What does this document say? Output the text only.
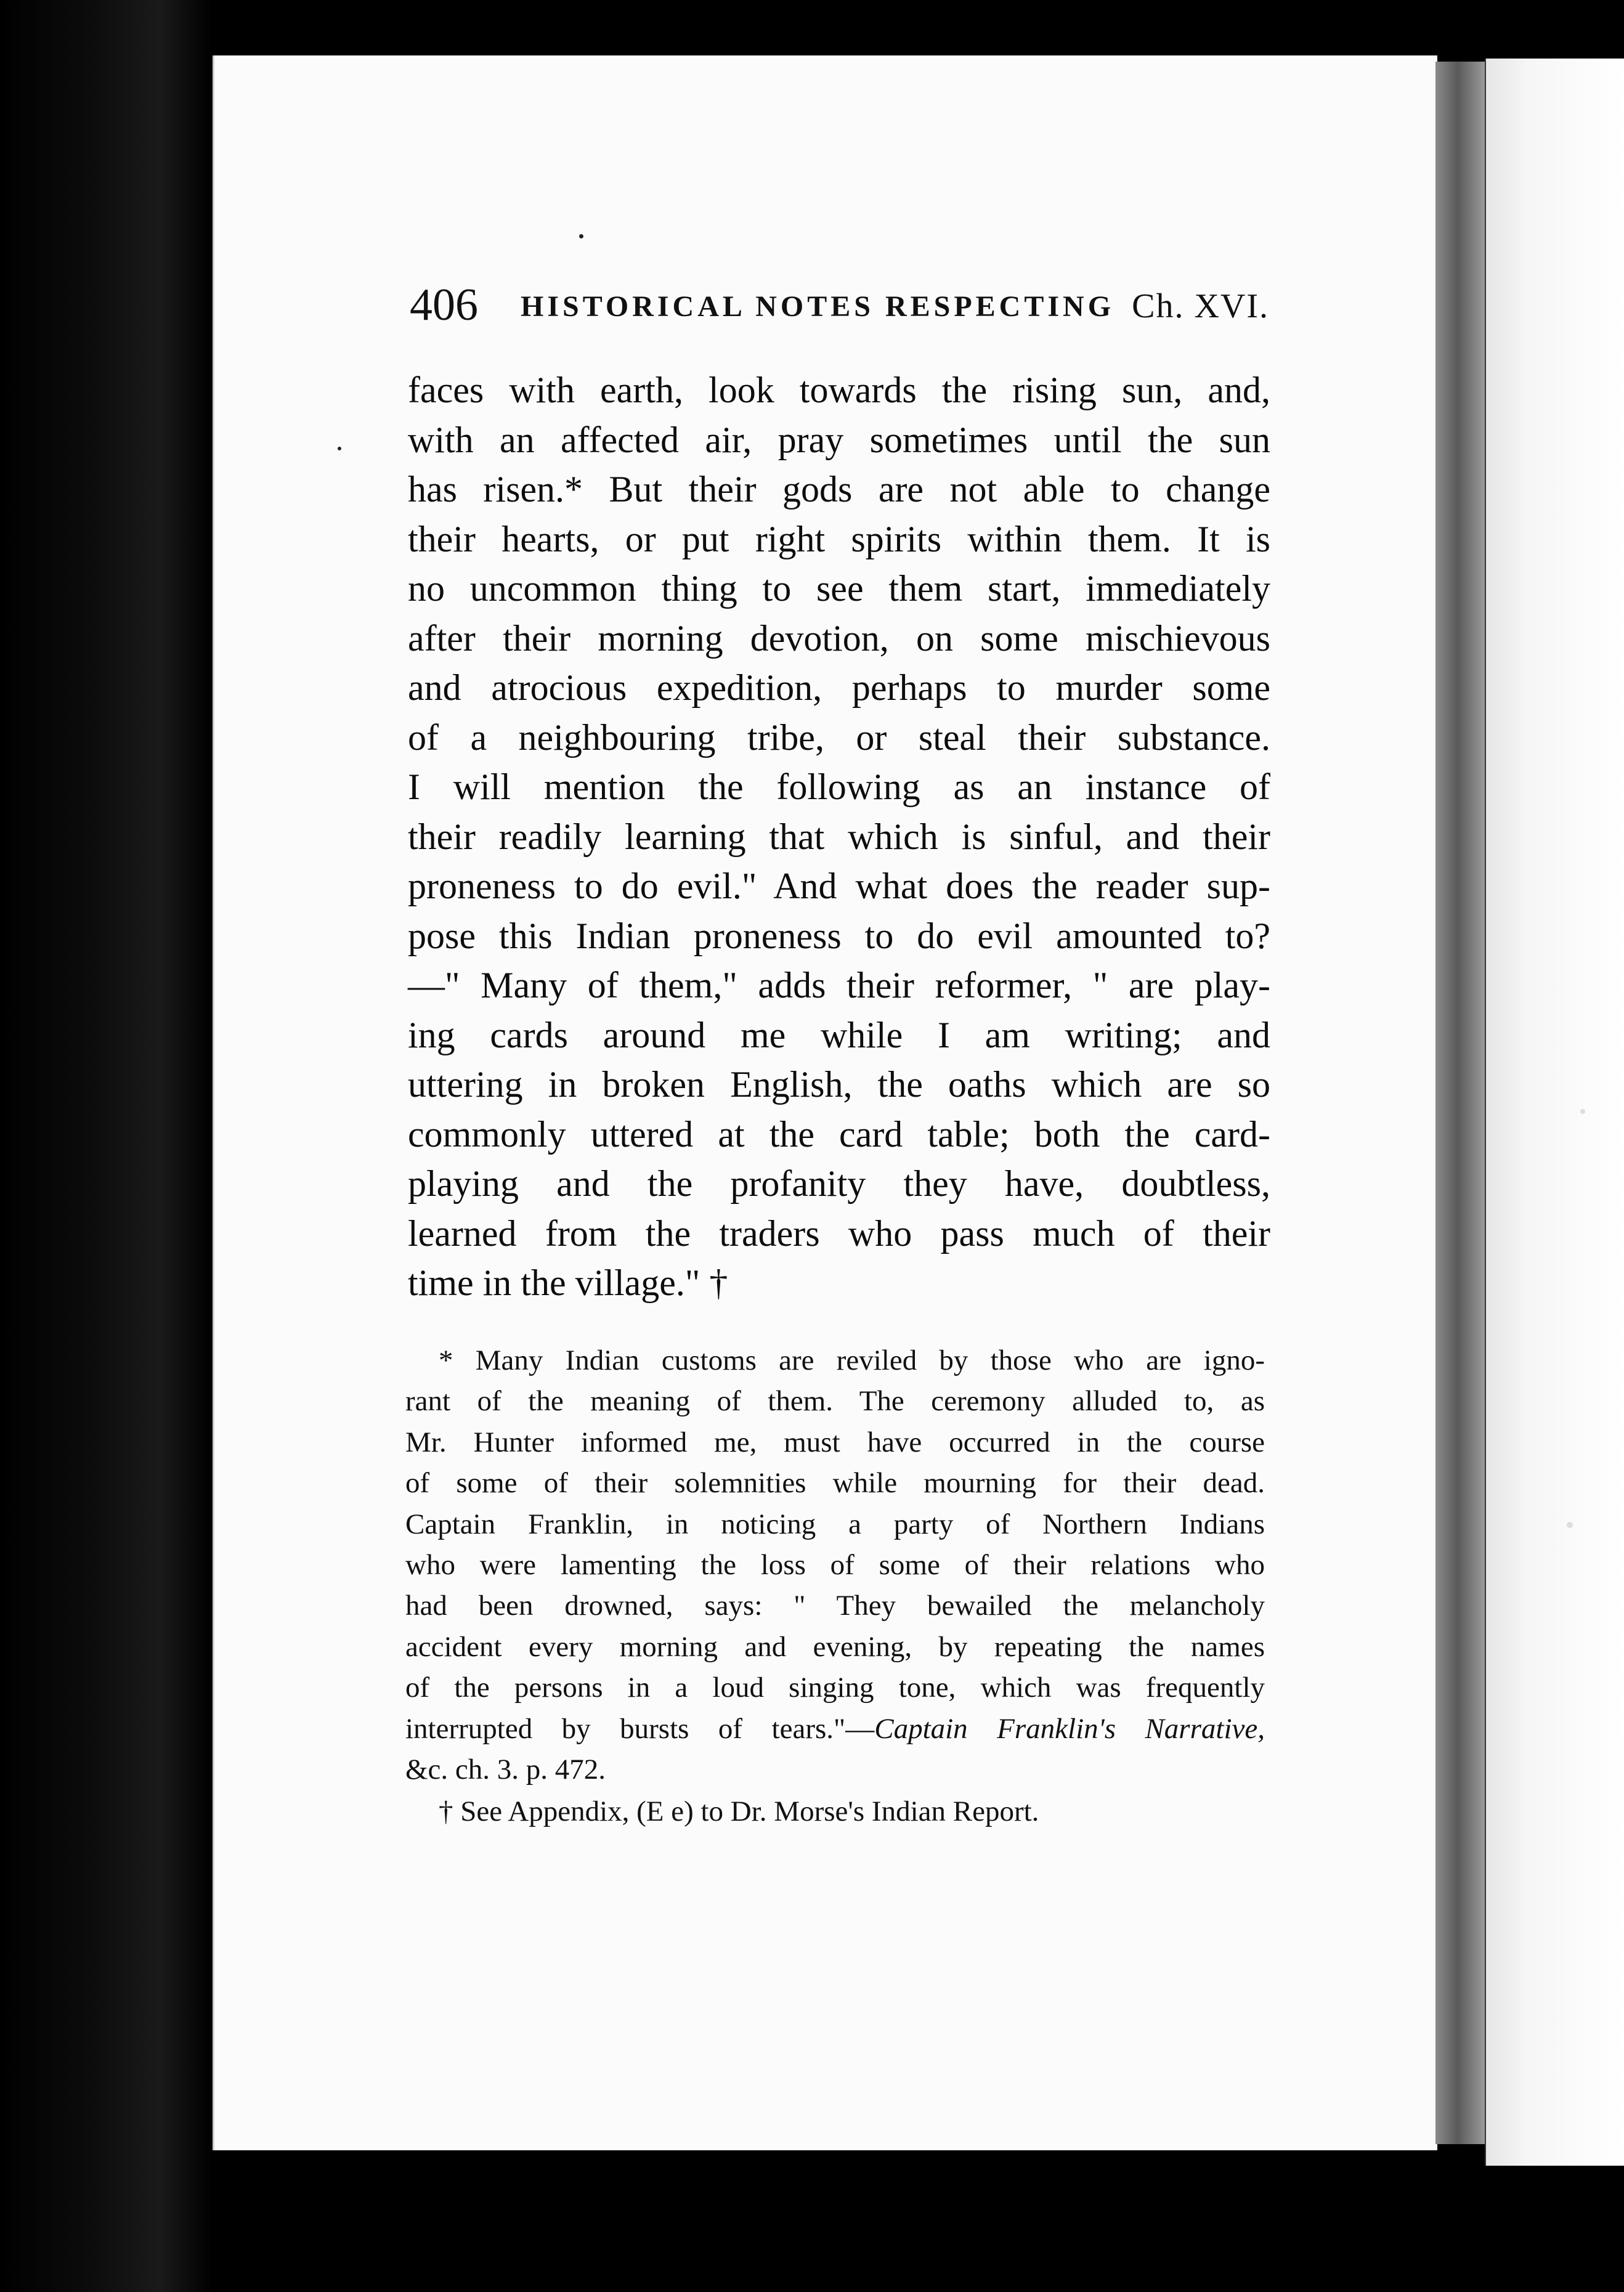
406 HISTORICAL NOTES RESPECTING Ch. XVI.
faces with earth, look towards the rising sun, and,
with an affected air, pray sometimes until the sun
has risen.* But their gods are not able to change
their hearts, or put right spirits within them. It is
no uncommon thing to see them start, immediately
after their morning devotion, on some mischievous
and atrocious expedition, perhaps to murder some
of a neighbouring tribe, or steal their substance.
I will mention the following as an instance of
their readily learning that which is sinful, and their
proneness to do evil." And what does the reader sup-
pose this Indian proneness to do evil amounted to?
—" Many of them," adds their reformer, " are play-
ing cards around me while I am writing; and
uttering in broken English, the oaths which are so
commonly uttered at the card table; both the card-
playing and the profanity they have, doubtless,
learned from the traders who pass much of their
time in the village." †
* Many Indian customs are reviled by those who are igno-
rant of the meaning of them. The ceremony alluded to, as
Mr. Hunter informed me, must have occurred in the course
of some of their solemnities while mourning for their dead.
Captain Franklin, in noticing a party of Northern Indians
who were lamenting the loss of some of their relations who
had been drowned, says: " They bewailed the melancholy
accident every morning and evening, by repeating the names
of the persons in a loud singing tone, which was frequently
interrupted by bursts of tears."—Captain Franklin's Narrative,
&c. ch. 3. p. 472.
† See Appendix, (E e) to Dr. Morse's Indian Report.
